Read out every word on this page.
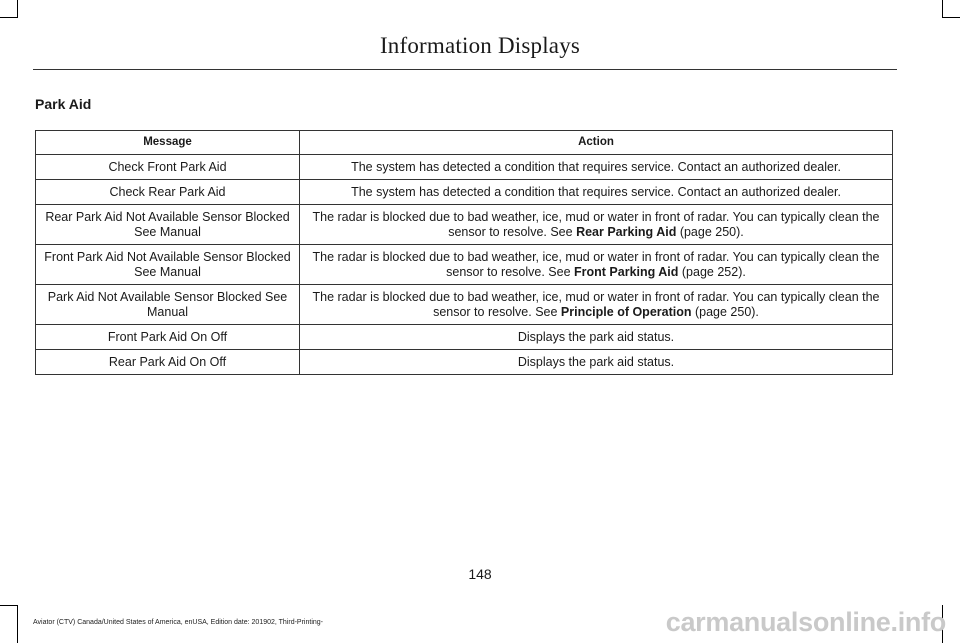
Information Displays
Park Aid
Message	Action
Check Front Park Aid	The system has detected a condition that requires service. Contact an authorized dealer.
Check Rear Park Aid	The system has detected a condition that requires service. Contact an authorized dealer.
Rear Park Aid Not Available Sensor Blocked See Manual	The radar is blocked due to bad weather, ice, mud or water in front of radar. You can typically clean the sensor to resolve. See Rear Parking Aid (page 250).
Front Park Aid Not Available Sensor Blocked See Manual	The radar is blocked due to bad weather, ice, mud or water in front of radar. You can typically clean the sensor to resolve. See Front Parking Aid (page 252).
Park Aid Not Available Sensor Blocked See Manual	The radar is blocked due to bad weather, ice, mud or water in front of radar. You can typically clean the sensor to resolve. See Principle of Operation (page 250).
Front Park Aid On Off	Displays the park aid status.
Rear Park Aid On Off	Displays the park aid status.
148
Aviator (CTV) Canada/United States of America, enUSA, Edition date: 201902, Third-Printing-	carmanualsonline.info
